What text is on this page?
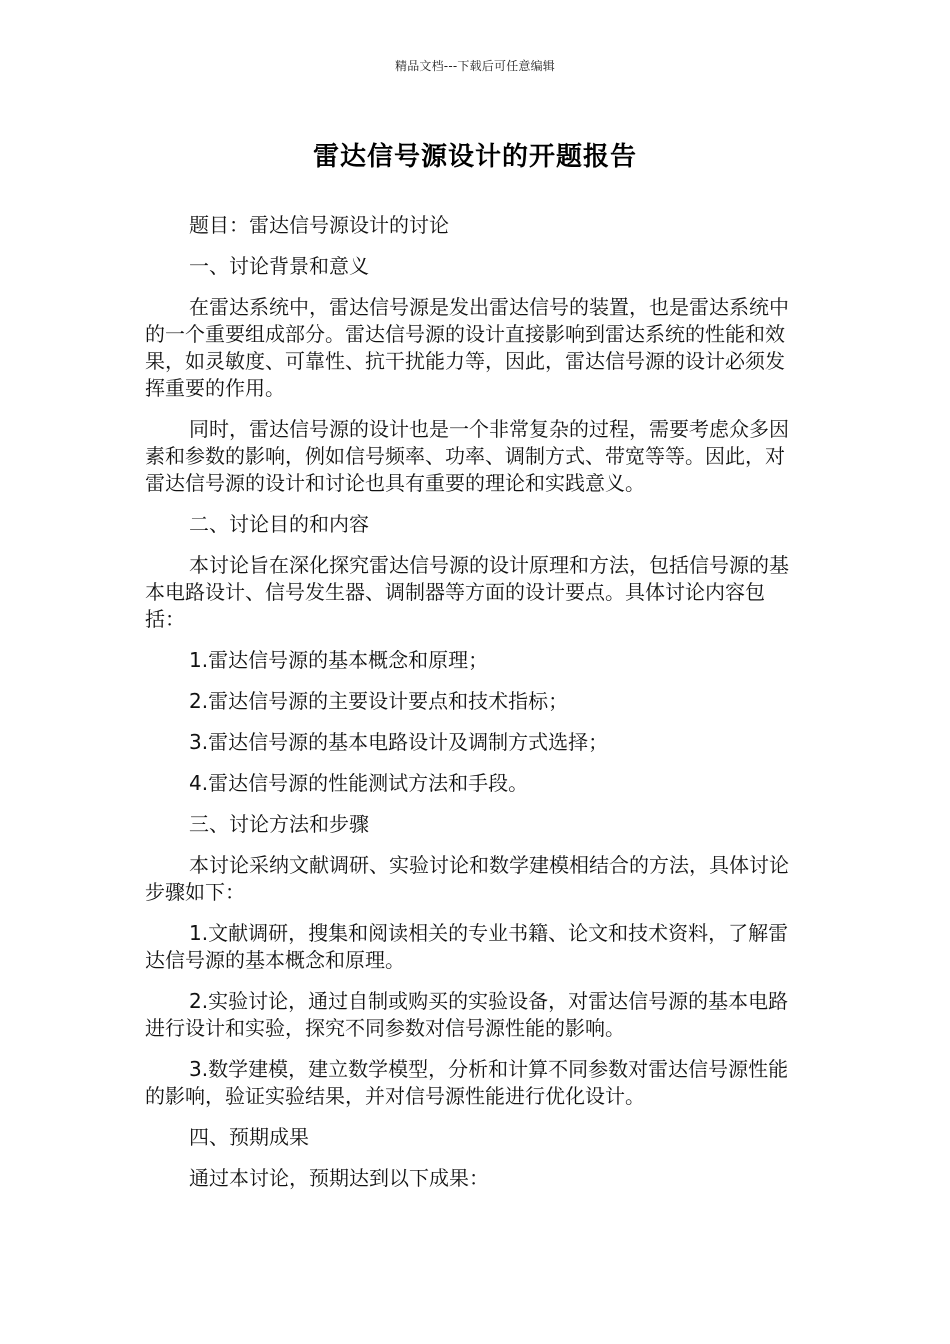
精品文档---下载后可任意编辑
雷达信号源设计的开题报告

题目：雷达信号源设计的讨论

一、讨论背景和意义

在雷达系统中，雷达信号源是发出雷达信号的装置，也是雷达系统中的一个重要组成部分。雷达信号源的设计直接影响到雷达系统的性能和效果，如灵敏度、可靠性、抗干扰能力等，因此，雷达信号源的设计必须发挥重要的作用。

同时，雷达信号源的设计也是一个非常复杂的过程，需要考虑众多因素和参数的影响，例如信号频率、功率、调制方式、带宽等等。因此，对雷达信号源的设计和讨论也具有重要的理论和实践意义。

二、讨论目的和内容

本讨论旨在深化探究雷达信号源的设计原理和方法，包括信号源的基本电路设计、信号发生器、调制器等方面的设计要点。具体讨论内容包括：

1.雷达信号源的基本概念和原理；

2.雷达信号源的主要设计要点和技术指标；

3.雷达信号源的基本电路设计及调制方式选择；

4.雷达信号源的性能测试方法和手段。

三、讨论方法和步骤

本讨论采纳文献调研、实验讨论和数学建模相结合的方法，具体讨论步骤如下：

1.文献调研，搜集和阅读相关的专业书籍、论文和技术资料，了解雷达信号源的基本概念和原理。

2.实验讨论，通过自制或购买的实验设备，对雷达信号源的基本电路进行设计和实验，探究不同参数对信号源性能的影响。

3.数学建模，建立数学模型，分析和计算不同参数对雷达信号源性能的影响，验证实验结果，并对信号源性能进行优化设计。

四、预期成果

通过本讨论，预期达到以下成果：
